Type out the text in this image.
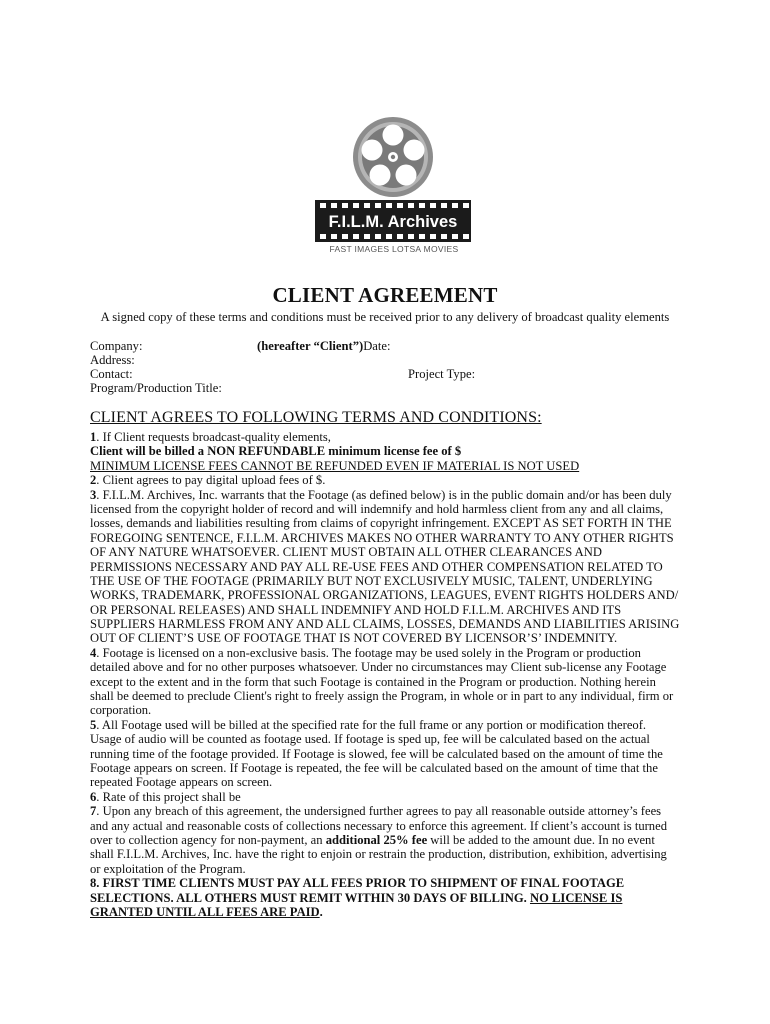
F.I.L.M. Archives
FAST IMAGES LOTSA MOVIES
CLIENT AGREEMENT
A signed copy of these terms and conditions must be received prior to any delivery of broadcast quality elements
Company:	(hereafter “Client”)Date:
Address:
Contact:	Project Type:
Program/Production Title:
CLIENT AGREES TO FOLLOWING TERMS AND CONDITIONS:
1. If Client requests broadcast-quality elements,
Client will be billed a NON REFUNDABLE minimum license fee of $
MINIMUM LICENSE FEES CANNOT BE REFUNDED EVEN IF MATERIAL IS NOT USED
2. Client agrees to pay digital upload fees of $.
3. F.I.L.M. Archives, Inc. warrants that the Footage (as defined below) is in the public domain and/or has been duly
licensed from the copyright holder of record and will indemnify and hold harmless client from any and all claims,
losses, demands and liabilities resulting from claims of copyright infringement. EXCEPT AS SET FORTH IN THE
FOREGOING SENTENCE, F.I.L.M. ARCHIVES MAKES NO OTHER WARRANTY TO ANY OTHER RIGHTS
OF ANY NATURE WHATSOEVER. CLIENT MUST OBTAIN ALL OTHER CLEARANCES AND
PERMISSIONS NECESSARY AND PAY ALL RE-USE FEES AND OTHER COMPENSATION RELATED TO
THE USE OF THE FOOTAGE (PRIMARILY BUT NOT EXCLUSIVELY MUSIC, TALENT, UNDERLYING
WORKS, TRADEMARK, PROFESSIONAL ORGANIZATIONS, LEAGUES, EVENT RIGHTS HOLDERS AND/
OR PERSONAL RELEASES) AND SHALL INDEMNIFY AND HOLD F.I.L.M. ARCHIVES AND ITS
SUPPLIERS HARMLESS FROM ANY AND ALL CLAIMS, LOSSES, DEMANDS AND LIABILITIES ARISING
OUT OF CLIENT’S USE OF FOOTAGE THAT IS NOT COVERED BY LICENSOR’S’ INDEMNITY.
4. Footage is licensed on a non-exclusive basis. The footage may be used solely in the Program or production
detailed above and for no other purposes whatsoever. Under no circumstances may Client sub-license any Footage
except to the extent and in the form that such Footage is contained in the Program or production. Nothing herein
shall be deemed to preclude Client's right to freely assign the Program, in whole or in part to any individual, firm or
corporation.
5. All Footage used will be billed at the specified rate for the full frame or any portion or modification thereof.
Usage of audio will be counted as footage used. If footage is sped up, fee will be calculated based on the actual
running time of the footage provided. If Footage is slowed, fee will be calculated based on the amount of time the
Footage appears on screen. If Footage is repeated, the fee will be calculated based on the amount of time that the
repeated Footage appears on screen.
6. Rate of this project shall be
7. Upon any breach of this agreement, the undersigned further agrees to pay all reasonable outside attorney’s fees
and any actual and reasonable costs of collections necessary to enforce this agreement. If client’s account is turned
over to collection agency for non-payment, an additional 25% fee will be added to the amount due. In no event
shall F.I.L.M. Archives, Inc. have the right to enjoin or restrain the production, distribution, exhibition, advertising
or exploitation of the Program.
8. FIRST TIME CLIENTS MUST PAY ALL FEES PRIOR TO SHIPMENT OF FINAL FOOTAGE
SELECTIONS. ALL OTHERS MUST REMIT WITHIN 30 DAYS OF BILLING. NO LICENSE IS
GRANTED UNTIL ALL FEES ARE PAID.
